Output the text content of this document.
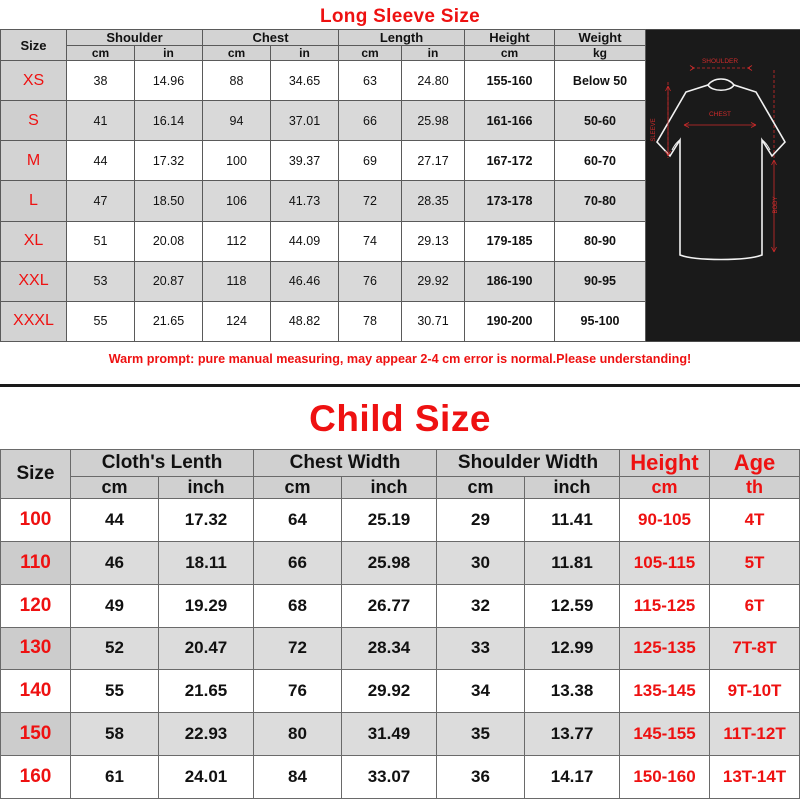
Long Sleeve Size
Size	Shoulder		Chest		Length		Height	Weight
	cm	in	cm	in	cm	in	cm	kg
XS	38	14.96	88	34.65	63	24.80	155-160	Below 50
S	41	16.14	94	37.01	66	25.98	161-166	50-60
M	44	17.32	100	39.37	69	27.17	167-172	60-70
L	47	18.50	106	41.73	72	28.35	173-178	70-80
XL	51	20.08	112	44.09	74	29.13	179-185	80-90
XXL	53	20.87	118	46.46	76	29.92	186-190	90-95
XXXL	55	21.65	124	48.82	78	30.71	190-200	95-100
SHOULDER
CHEST
SLEEVE
BODY
Warm prompt: pure manual measuring, may appear 2-4 cm error is normal.Please understanding!
Child Size
Size	Cloth's Lenth		Chest Width		Shoulder Width		Height	Age
	cm	inch	cm	inch	cm	inch	cm	th
100	44	17.32	64	25.19	29	11.41	90-105	4T
110	46	18.11	66	25.98	30	11.81	105-115	5T
120	49	19.29	68	26.77	32	12.59	115-125	6T
130	52	20.47	72	28.34	33	12.99	125-135	7T-8T
140	55	21.65	76	29.92	34	13.38	135-145	9T-10T
150	58	22.93	80	31.49	35	13.77	145-155	11T-12T
160	61	24.01	84	33.07	36	14.17	150-160	13T-14T
